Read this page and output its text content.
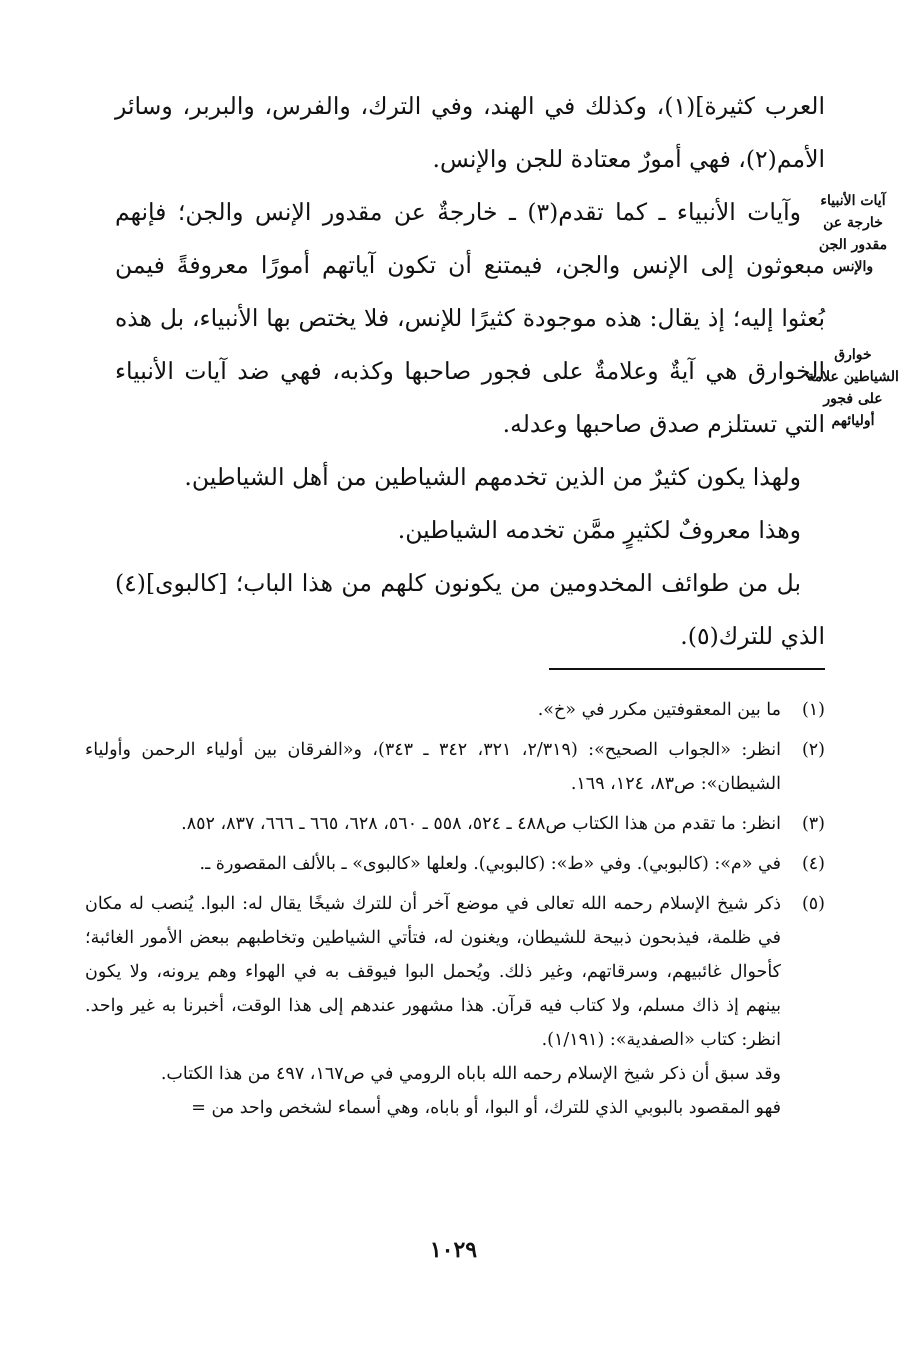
العرب كثيرة](١)، وكذلك في الهند، وفي الترك، والفرس، والبربر، وسائر الأمم(٢)، فهي أمورٌ معتادة للجن والإنس.

وآيات الأنبياء ـ كما تقدم(٣) ـ خارجةٌ عن مقدور الإنس والجن؛ فإنهم مبعوثون إلى الإنس والجن، فيمتنع أن تكون آياتهم أمورًا معروفةً فيمن بُعثوا إليه؛ إذ يقال: هذه موجودة كثيرًا للإنس، فلا يختص بها الأنبياء، بل هذه الخوارق هي آيةٌ وعلامةٌ على فجور صاحبها وكذبه، فهي ضد آيات الأنبياء التي تستلزم صدق صاحبها وعدله.

ولهذا يكون كثيرٌ من الذين تخدمهم الشياطين من أهل الشياطين.

وهذا معروفٌ لكثيرٍ ممَّن تخدمه الشياطين.

بل من طوائف المخدومين من يكونون كلهم من هذا الباب؛ [كالبوى](٤) الذي للترك(٥).

آيات الأنبياء خارجة عن مقدور الجن والإنس
خوارق الشياطين علامة على فجور أوليائهم
(١)

ما بين المعقوفتين مكرر في «خ».

(٢)

انظر: «الجواب الصحيح»: (٢/٣١٩، ٣٢١، ٣٤٢ ـ ٣٤٣)، و«الفرقان بين أولياء الرحمن وأولياء الشيطان»: ص٨٣، ١٢٤، ١٦٩.

(٣)

انظر: ما تقدم من هذا الكتاب ص٤٨٨ ـ ٥٢٤، ٥٥٨ ـ ٥٦٠، ٦٢٨، ٦٦٥ ـ ٦٦٦، ٨٣٧، ٨٥٢.

(٤)

في «م»: (كالبوبي). وفي «ط»: (كالبوبي). ولعلها «كالبوى» ـ بالألف المقصورة ـ.

(٥)

ذكر شيخ الإسلام رحمه الله تعالى في موضع آخر أن للترك شيخًا يقال له: البوا. يُنصب له مكان في ظلمة، فيذبحون ذبيحة للشيطان، ويغنون له، فتأتي الشياطين وتخاطبهم ببعض الأمور الغائبة؛ كأحوال غائبيهم، وسرقاتهم، وغير ذلك. ويُحمل البوا فيوقف به في الهواء وهم يرونه، ولا يكون بينهم إذ ذاك مسلم، ولا كتاب فيه قرآن. هذا مشهور عندهم إلى هذا الوقت، أخبرنا به غير واحد. انظر: كتاب «الصفدية»: (١/١٩١).

وقد سبق أن ذكر شيخ الإسلام رحمه الله باباه الرومي في ص١٦٧، ٤٩٧ من هذا الكتاب.

فهو المقصود بالبوبي الذي للترك، أو البوا، أو باباه، وهي أسماء لشخص واحد من =

١٠٢٩
